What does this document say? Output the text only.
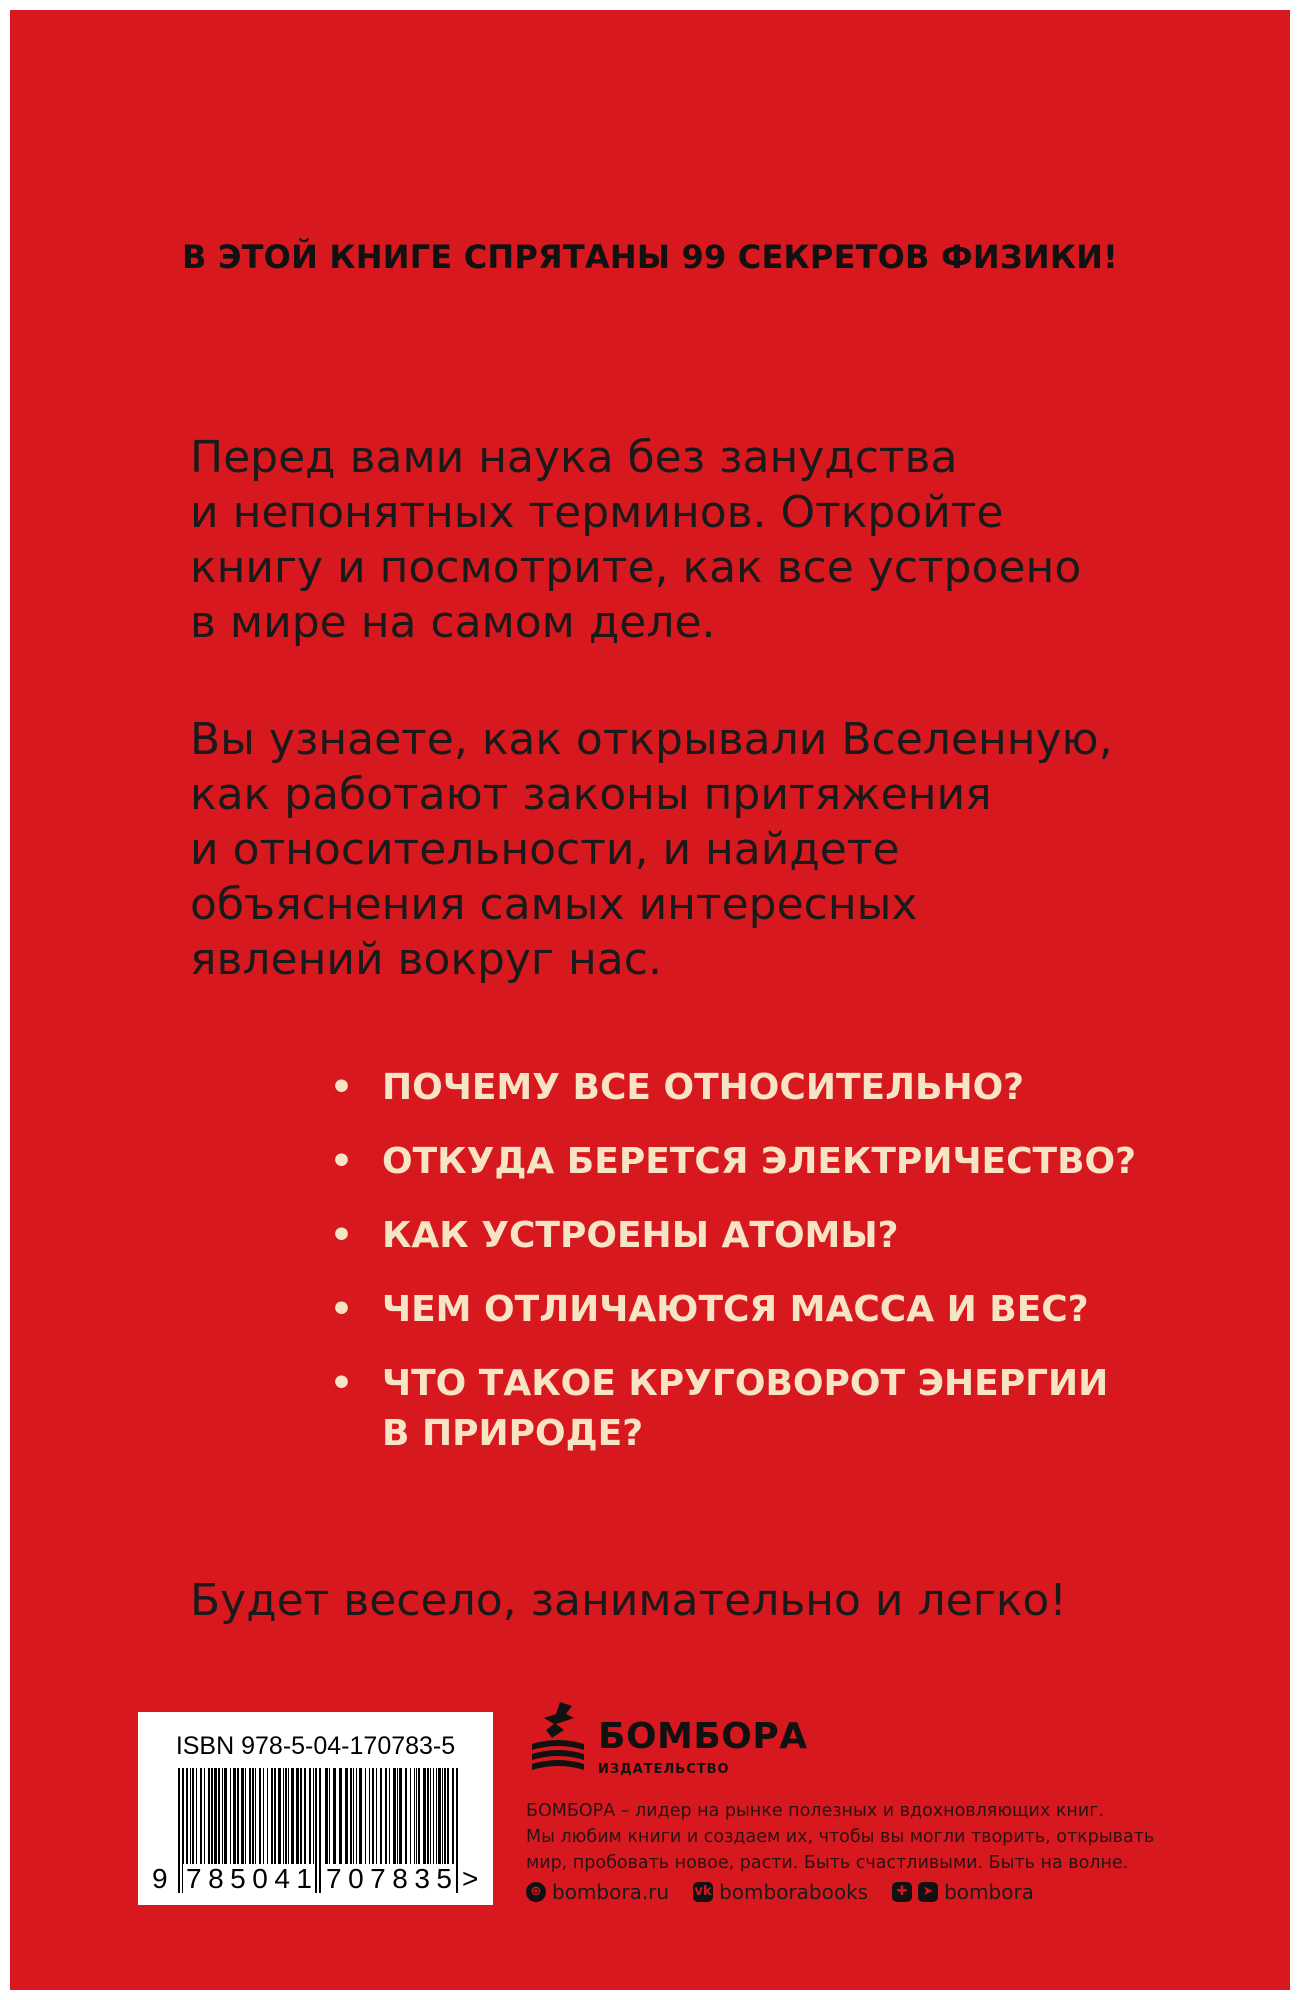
В ЭТОЙ КНИГЕ СПРЯТАНЫ 99 СЕКРЕТОВ ФИЗИКИ!

Перед вами наука без занудства
и непонятных терминов. Откройте
книгу и посмотрите, как все устроено
в мире на самом деле.

Вы узнаете, как открывали Вселенную,
как работают законы притяжения
и относительности, и найдете
объяснения самых интересных
явлений вокруг нас.

• ПОЧЕМУ ВСЕ ОТНОСИТЕЛЬНО?
• ОТКУДА БЕРЕТСЯ ЭЛЕКТРИЧЕСТВО?
• КАК УСТРОЕНЫ АТОМЫ?
• ЧЕМ ОТЛИЧАЮТСЯ МАССА И ВЕС?
• ЧТО ТАКОЕ КРУГОВОРОТ ЭНЕРГИИ
В ПРИРОДЕ?
Будет весело, занимательно и легко!
ISBN 978-5-04-170783-5
9 785041 707835 >
БОМБОРА
ИЗДАТЕЛЬСТВО
БОМБОРА – лидер на рынке полезных и вдохновляющих книг.
Мы любим книги и создаем их, чтобы вы могли творить, открывать
мир, пробовать новое, расти. Быть счастливыми. Быть на волне.
⊕ bombora.ru vk bomborabooks	✚	➤ bombora
